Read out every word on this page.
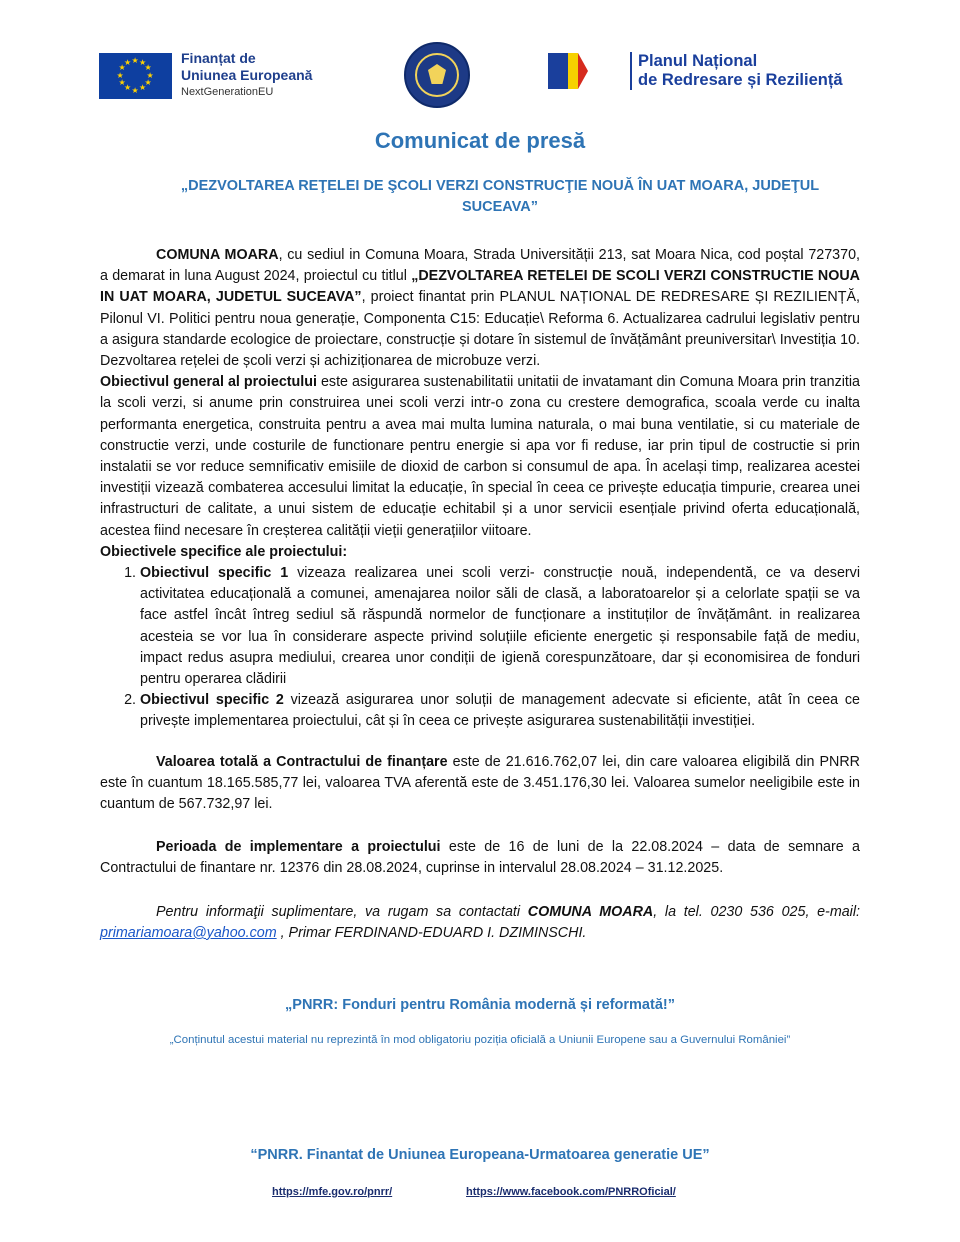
★ ★
★
★
★
★
★
★
★
★
★
★	Finanțat de
Uniunea Europeană
NextGenerationEU
Planul Național
de Redresare și Reziliență
Comunicat de presă
„DEZVOLTAREA REŢELEI DE ŞCOLI VERZI CONSTRUCŢIE NOUĂ ÎN UAT MOARA, JUDEŢUL SUCEAVA”

COMUNA MOARA, cu sediul in Comuna Moara, Strada Universității 213, sat Moara Nica, cod poștal 727370, a demarat in luna August 2024, proiectul cu titlul „DEZVOLTAREA RETELEI DE SCOLI VERZI CONSTRUCTIE NOUA IN UAT MOARA, JUDETUL SUCEAVA”, proiect finantat prin PLANUL NAȚIONAL DE REDRESARE ȘI REZILIENȚĂ, Pilonul VI. Politici pentru noua generație, Componenta C15: Educație\ Reforma 6. Actualizarea cadrului legislativ pentru a asigura standarde ecologice de proiectare, construcție și dotare în sistemul de învățământ preuniversitar\ Investiția 10. Dezvoltarea rețelei de școli verzi și achiziționarea de microbuze verzi.

Obiectivul general al proiectului este asigurarea sustenabilitatii unitatii de invatamant din Comuna Moara prin tranzitia la scoli verzi, si anume prin construirea unei scoli verzi intr-o zona cu crestere demografica, scoala verde cu inalta performanta energetica, construita pentru a avea mai multa lumina naturala, o mai buna ventilatie, si cu materiale de constructie verzi, unde costurile de functionare pentru energie si apa vor fi reduse, iar prin tipul de costructie si prin instalatii se vor reduce semnificativ emisiile de dioxid de carbon si consumul de apa. În același timp, realizarea acestei investiții vizează combaterea accesului limitat la educație, în special în ceea ce privește educația timpurie, crearea unei infrastructuri de calitate, a unui sistem de educație echitabil și a unor servicii esențiale privind oferta educațională, acestea fiind necesare în creșterea calității vieții generațiilor viitoare.

Obiectivele specifice ale proiectului:

1. Obiectivul specific 1 vizeaza realizarea unei scoli verzi- construcție nouă, independentă, ce va deservi activitatea educațională a comunei, amenajarea noilor săli de clasă, a laboratoarelor și a celorlate spații se va face astfel încât întreg sediul să răspundă normelor de funcționare a instituților de învățământ. in realizarea acesteia se vor lua în considerare aspecte privind soluțiile eficiente energetic și responsabile față de mediu, impact redus asupra mediului, crearea unor condiții de igienă corespunzătoare, dar și economisirea de fonduri pentru operarea clădirii
2. Obiectivul specific 2 vizează asigurarea unor soluții de management adecvate si eficiente, atât în ceea ce privește implementarea proiectului, cât și în ceea ce privește asigurarea sustenabilității investiției.

Valoarea totală a Contractului de finanțare este de 21.616.762,07 lei, din care valoarea eligibilă din PNRR este în cuantum 18.165.585,77 lei, valoarea TVA aferentă este de 3.451.176,30 lei. Valoarea sumelor neeligibile este in cuantum de 567.732,97 lei.

Perioada de implementare a proiectului este de 16 de luni de la 22.08.2024 – data de semnare a Contractului de finantare nr. 12376 din 28.08.2024, cuprinse in intervalul 28.08.2024 – 31.12.2025.

Pentru informaţii suplimentare, va rugam sa contactati COMUNA MOARA, la tel. 0230 536 025, e-mail: primariamoara@yahoo.com , Primar FERDINAND-EDUARD I. DZIMINSCHI.

„PNRR: Fonduri pentru România modernă și reformată!”
„Conținutul acestui material nu reprezintă în mod obligatoriu poziția oficială a Uniunii Europene sau a Guvernului României”
“PNRR. Finantat de Uniunea Europeana-Urmatoarea generatie UE”
https://mfe.gov.ro/pnrr/	https://www.facebook.com/PNRROficial/
